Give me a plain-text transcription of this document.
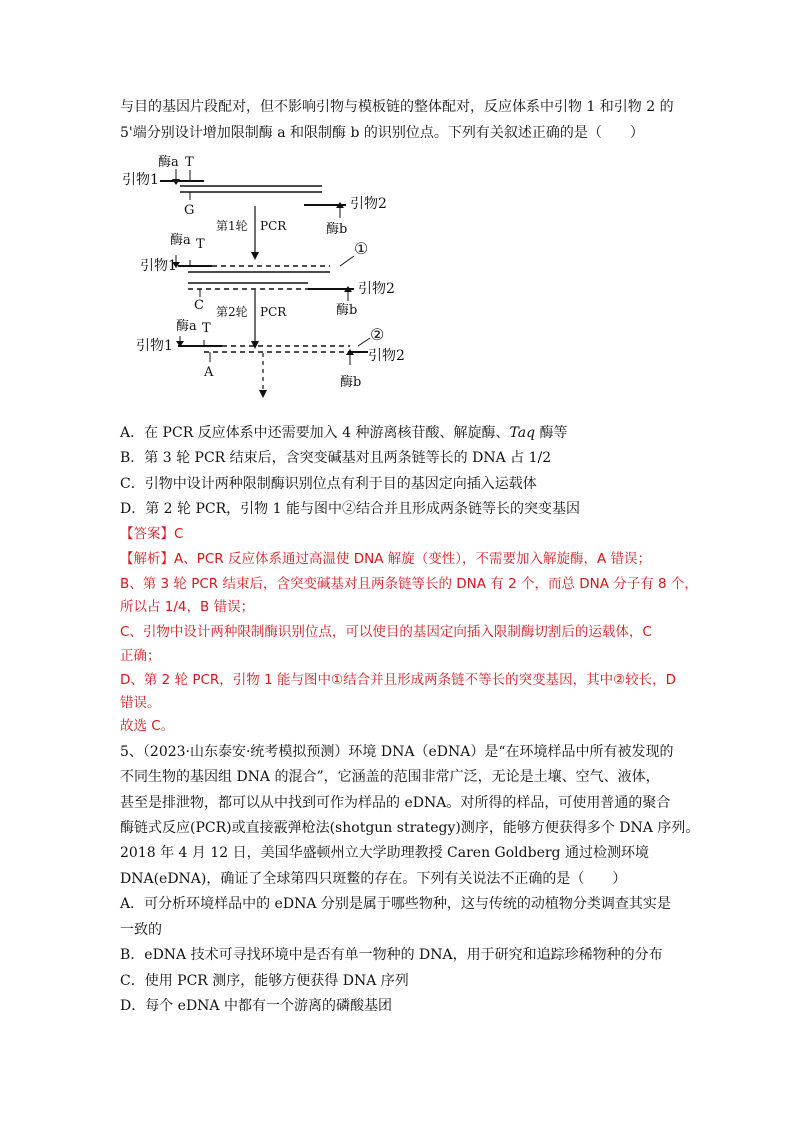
与目的基因片段配对，但不影响引物与模板链的整体配对，反应体系中引物 1 和引物 2 的
5'端分别设计增加限制酶 a 和限制酶 b 的识别位点。下列有关叙述正确的是（　　）
酶a T
引物1
G	引物2
酶b
第1轮 PCR
酶a T
引物1
①
C
引物2
酶b
第2轮 PCR
酶a T
引物1
②
A
引物2
酶b
A．在 PCR 反应体系中还需要加入 4 种游离核苷酸、解旋酶、Taq 酶等
B．第 3 轮 PCR 结束后，含突变碱基对且两条链等长的 DNA 占 1/2
C．引物中设计两种限制酶识别位点有利于目的基因定向插入运载体
D．第 2 轮 PCR，引物 1 能与图中②结合并且形成两条链等长的突变基因
【答案】C
【解析】A、PCR 反应体系通过高温使 DNA 解旋（变性），不需要加入解旋酶，A 错误；
B、第 3 轮 PCR 结束后，含突变碱基对且两条链等长的 DNA 有 2 个，而总 DNA 分子有 8 个，
所以占 1/4，B 错误；
C、引物中设计两种限制酶识别位点，可以使目的基因定向插入限制酶切割后的运载体，C
正确；
D、第 2 轮 PCR，引物 1 能与图中①结合并且形成两条链不等长的突变基因，其中②较长，D
错误。
故选 C。
5、（2023·山东泰安·统考模拟预测）环境 DNA（eDNA）是“在环境样品中所有被发现的
不同生物的基因组 DNA 的混合”，它涵盖的范围非常广泛，无论是土壤、空气、液体，
甚至是排泄物，都可以从中找到可作为样品的 eDNA。对所得的样品，可使用普通的聚合
酶链式反应(PCR)或直接霰弹枪法(shotgun strategy)测序，能够方便获得多个 DNA 序列。
2018 年 4 月 12 日，美国华盛顿州立大学助理教授 Caren Goldberg 通过检测环境
DNA(eDNA)，确证了全球第四只斑鳖的存在。下列有关说法不正确的是（　　）
A．可分析环境样品中的 eDNA 分别是属于哪些物种，这与传统的动植物分类调查其实是
一致的
B．eDNA 技术可寻找环境中是否有单一物种的 DNA，用于研究和追踪珍稀物种的分布
C．使用 PCR 测序，能够方便获得 DNA 序列
D．每个 eDNA 中都有一个游离的磷酸基团
